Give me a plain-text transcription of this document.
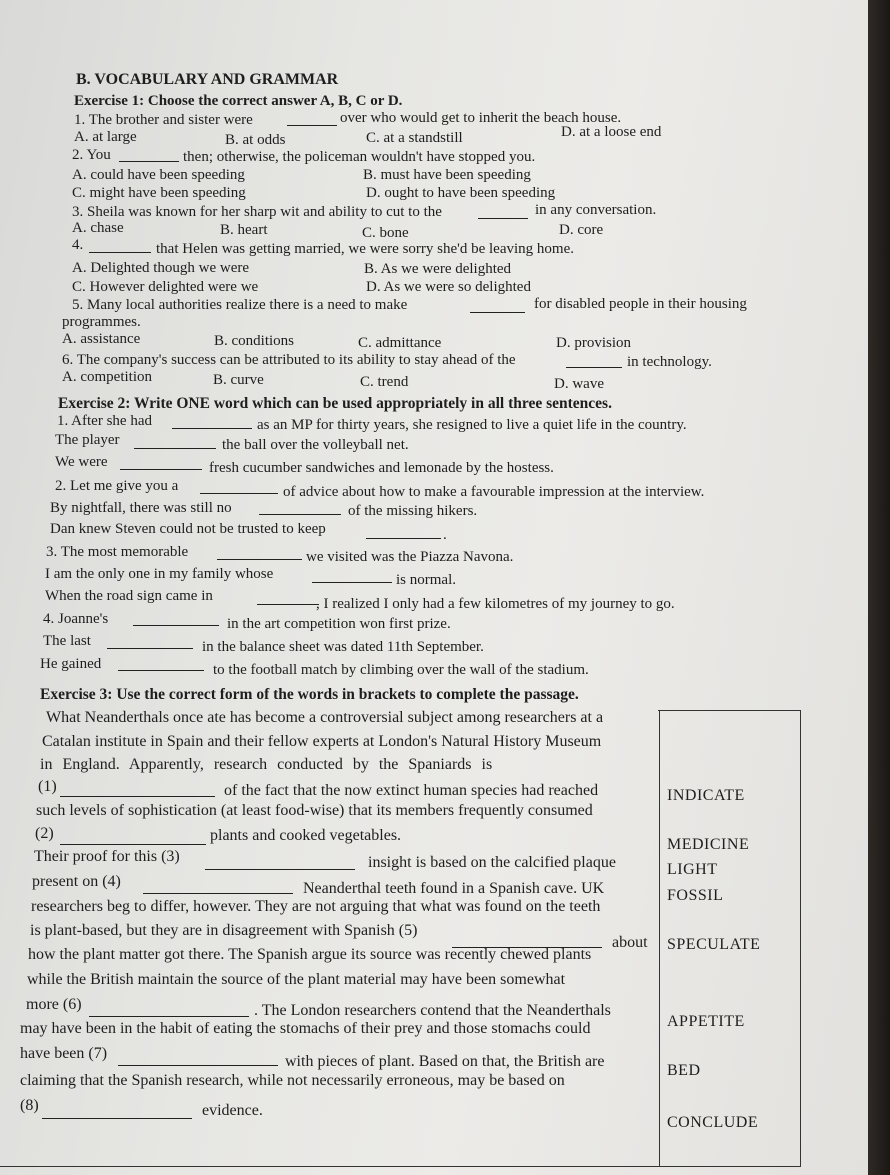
B. VOCABULARY AND GRAMMAR
Exercise 1: Choose the correct answer A, B, C or D.
1. The brother and sister were	over who would get to inherit the beach house.
A. at large	B. at odds	C. at a standstill	D. at a loose end
2. You	then; otherwise, the policeman wouldn't have stopped you.
A. could have been speeding	B. must have been speeding
C. might have been speeding	D. ought to have been speeding
3. Sheila was known for her sharp wit and ability to cut to the	in any conversation.
A. chase	B. heart	C. bone	D. core
4.	that Helen was getting married, we were sorry she'd be leaving home.
A. Delighted though we were	B. As we were delighted
C. However delighted were we	D. As we were so delighted
5. Many local authorities realize there is a need to make	for disabled people in their housing
programmes.
A. assistance	B. conditions	C. admittance	D. provision
6. The company's success can be attributed to its ability to stay ahead of the	in technology.
A. competition	B. curve	C. trend	D. wave
Exercise 2: Write ONE word which can be used appropriately in all three sentences.
1. After she had	as an MP for thirty years, she resigned to live a quiet life in the country.
The player	the ball over the volleyball net.
We were	fresh cucumber sandwiches and lemonade by the hostess.
2. Let me give you a	of advice about how to make a favourable impression at the interview.
By nightfall, there was still no	of the missing hikers.
Dan knew Steven could not be trusted to keep	.
3. The most memorable	we visited was the Piazza Navona.
I am the only one in my family whose	is normal.
When the road sign came in	, I realized I only had a few kilometres of my journey to go.
4. Joanne's	in the art competition won first prize.
The last	in the balance sheet was dated 11th September.
He gained	to the football match by climbing over the wall of the stadium.
Exercise 3: Use the correct form of the words in brackets to complete the passage.
What Neanderthals once ate has become a controversial subject among researchers at a
Catalan institute in Spain and their fellow experts at London's Natural History Museum
in England. Apparently, research conducted by the Spaniards is
(1)	of the fact that the now extinct human species had reached
such levels of sophistication (at least food-wise) that its members frequently consumed
(2)	plants and cooked vegetables.
Their proof for this (3)	insight is based on the calcified plaque
present on (4)	Neanderthal teeth found in a Spanish cave. UK
researchers beg to differ, however. They are not arguing that what was found on the teeth
is plant-based, but they are in disagreement with Spanish (5)
about
how the plant matter got there. The Spanish argue its source was recently chewed plants
while the British maintain the source of the plant material may have been somewhat
more (6)	. The London researchers contend that the Neanderthals
may have been in the habit of eating the stomachs of their prey and those stomachs could
have been (7)	with pieces of plant. Based on that, the British are
claiming that the Spanish research, while not necessarily erroneous, may be based on
(8)	evidence.
INDICATE
MEDICINE
LIGHT
FOSSIL
SPECULATE
APPETITE
BED
CONCLUDE
